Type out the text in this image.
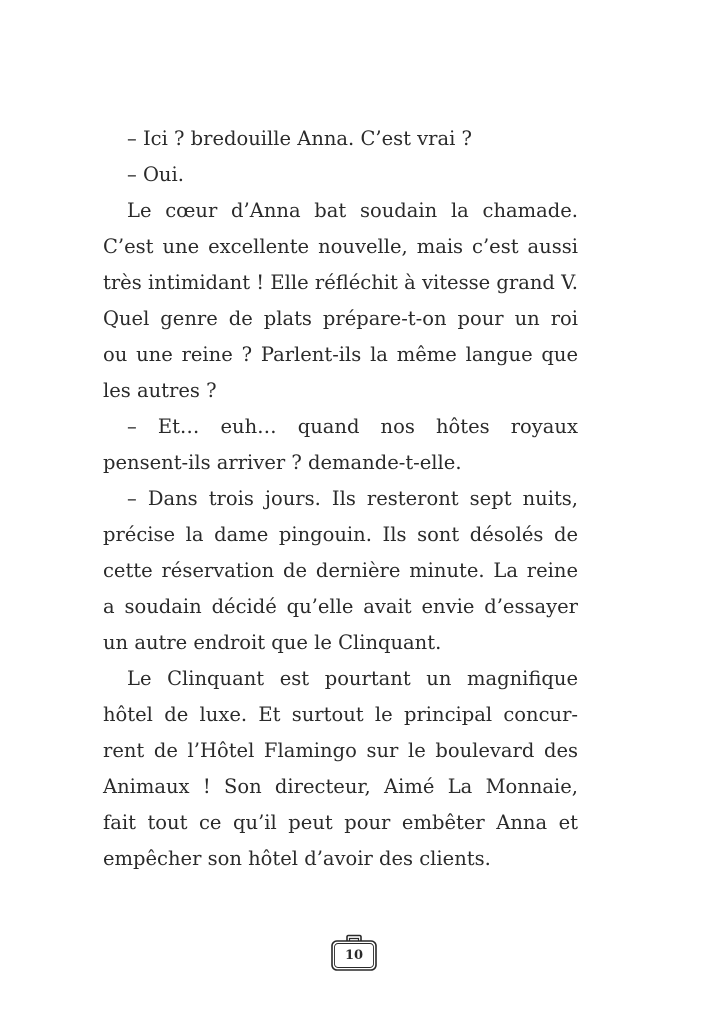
– Ici ? bredouille Anna. C’est vrai ?

– Oui.

Le cœur d’Anna bat soudain la chamade.

C’est une excellente nouvelle, mais c’est aussi

très intimidant ! Elle réfléchit à vitesse grand V.

Quel genre de plats prépare-t-on pour un roi

ou une reine ? Parlent-ils la même langue que

les autres ?

– Et… euh… quand nos hôtes royaux

pensent-ils arriver ? demande-t-elle.

– Dans trois jours. Ils resteront sept nuits,

précise la dame pingouin. Ils sont désolés de

cette réservation de dernière minute. La reine

a soudain décidé qu’elle avait envie d’essayer

un autre endroit que le Clinquant.

Le Clinquant est pourtant un magnifique

hôtel de luxe. Et surtout le principal concur-

rent de l’Hôtel Flamingo sur le boulevard des

Animaux ! Son directeur, Aimé La Monnaie,

fait tout ce qu’il peut pour embêter Anna et

empêcher son hôtel d’avoir des clients.

10
